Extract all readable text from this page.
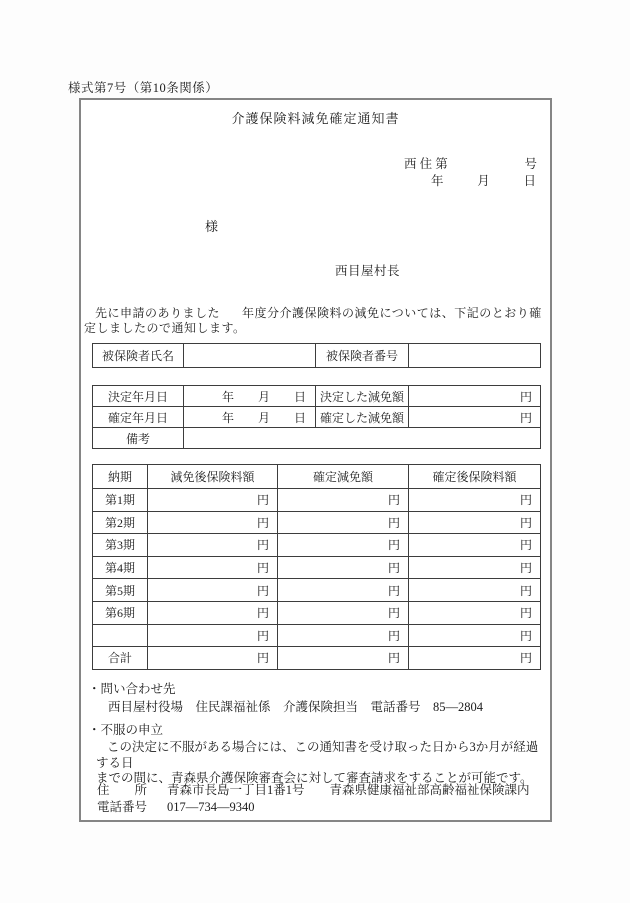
様式第7号（第10条関係）
介護保険料減免確定通知書
西 住 第	号
年	月	日
様
西目屋村長
先に申請のありました 年度分介護保険料の減免については、下記のとおり確
定しましたので通知します。
被保険者氏名		被保険者番号	
決定年月日	年 月 日	決定した減免額	円
確定年月日	年 月 日	確定した減免額	円
備考			
納期	減免後保険料額	確定減免額	確定後保険料額
第1期	円	円	円
第2期	円	円	円
第3期	円	円	円
第4期	円	円	円
第5期	円	円	円
第6期	円	円	円
	円	円	円
合計	円	円	円
・問い合わせ先
西目屋村役場　住民課福祉係　介護保険担当　電話番号　85―2804
・不服の申立
この決定に不服がある場合には、この通知書を受け取った日から3か月が経過する日
までの間に、青森県介護保険審査会に対して審査請求をすることが可能です。
住　　所 青森市長島一丁目1番1号　　青森県健康福祉部高齢福祉保険課内
電話番号 017―734―9340
